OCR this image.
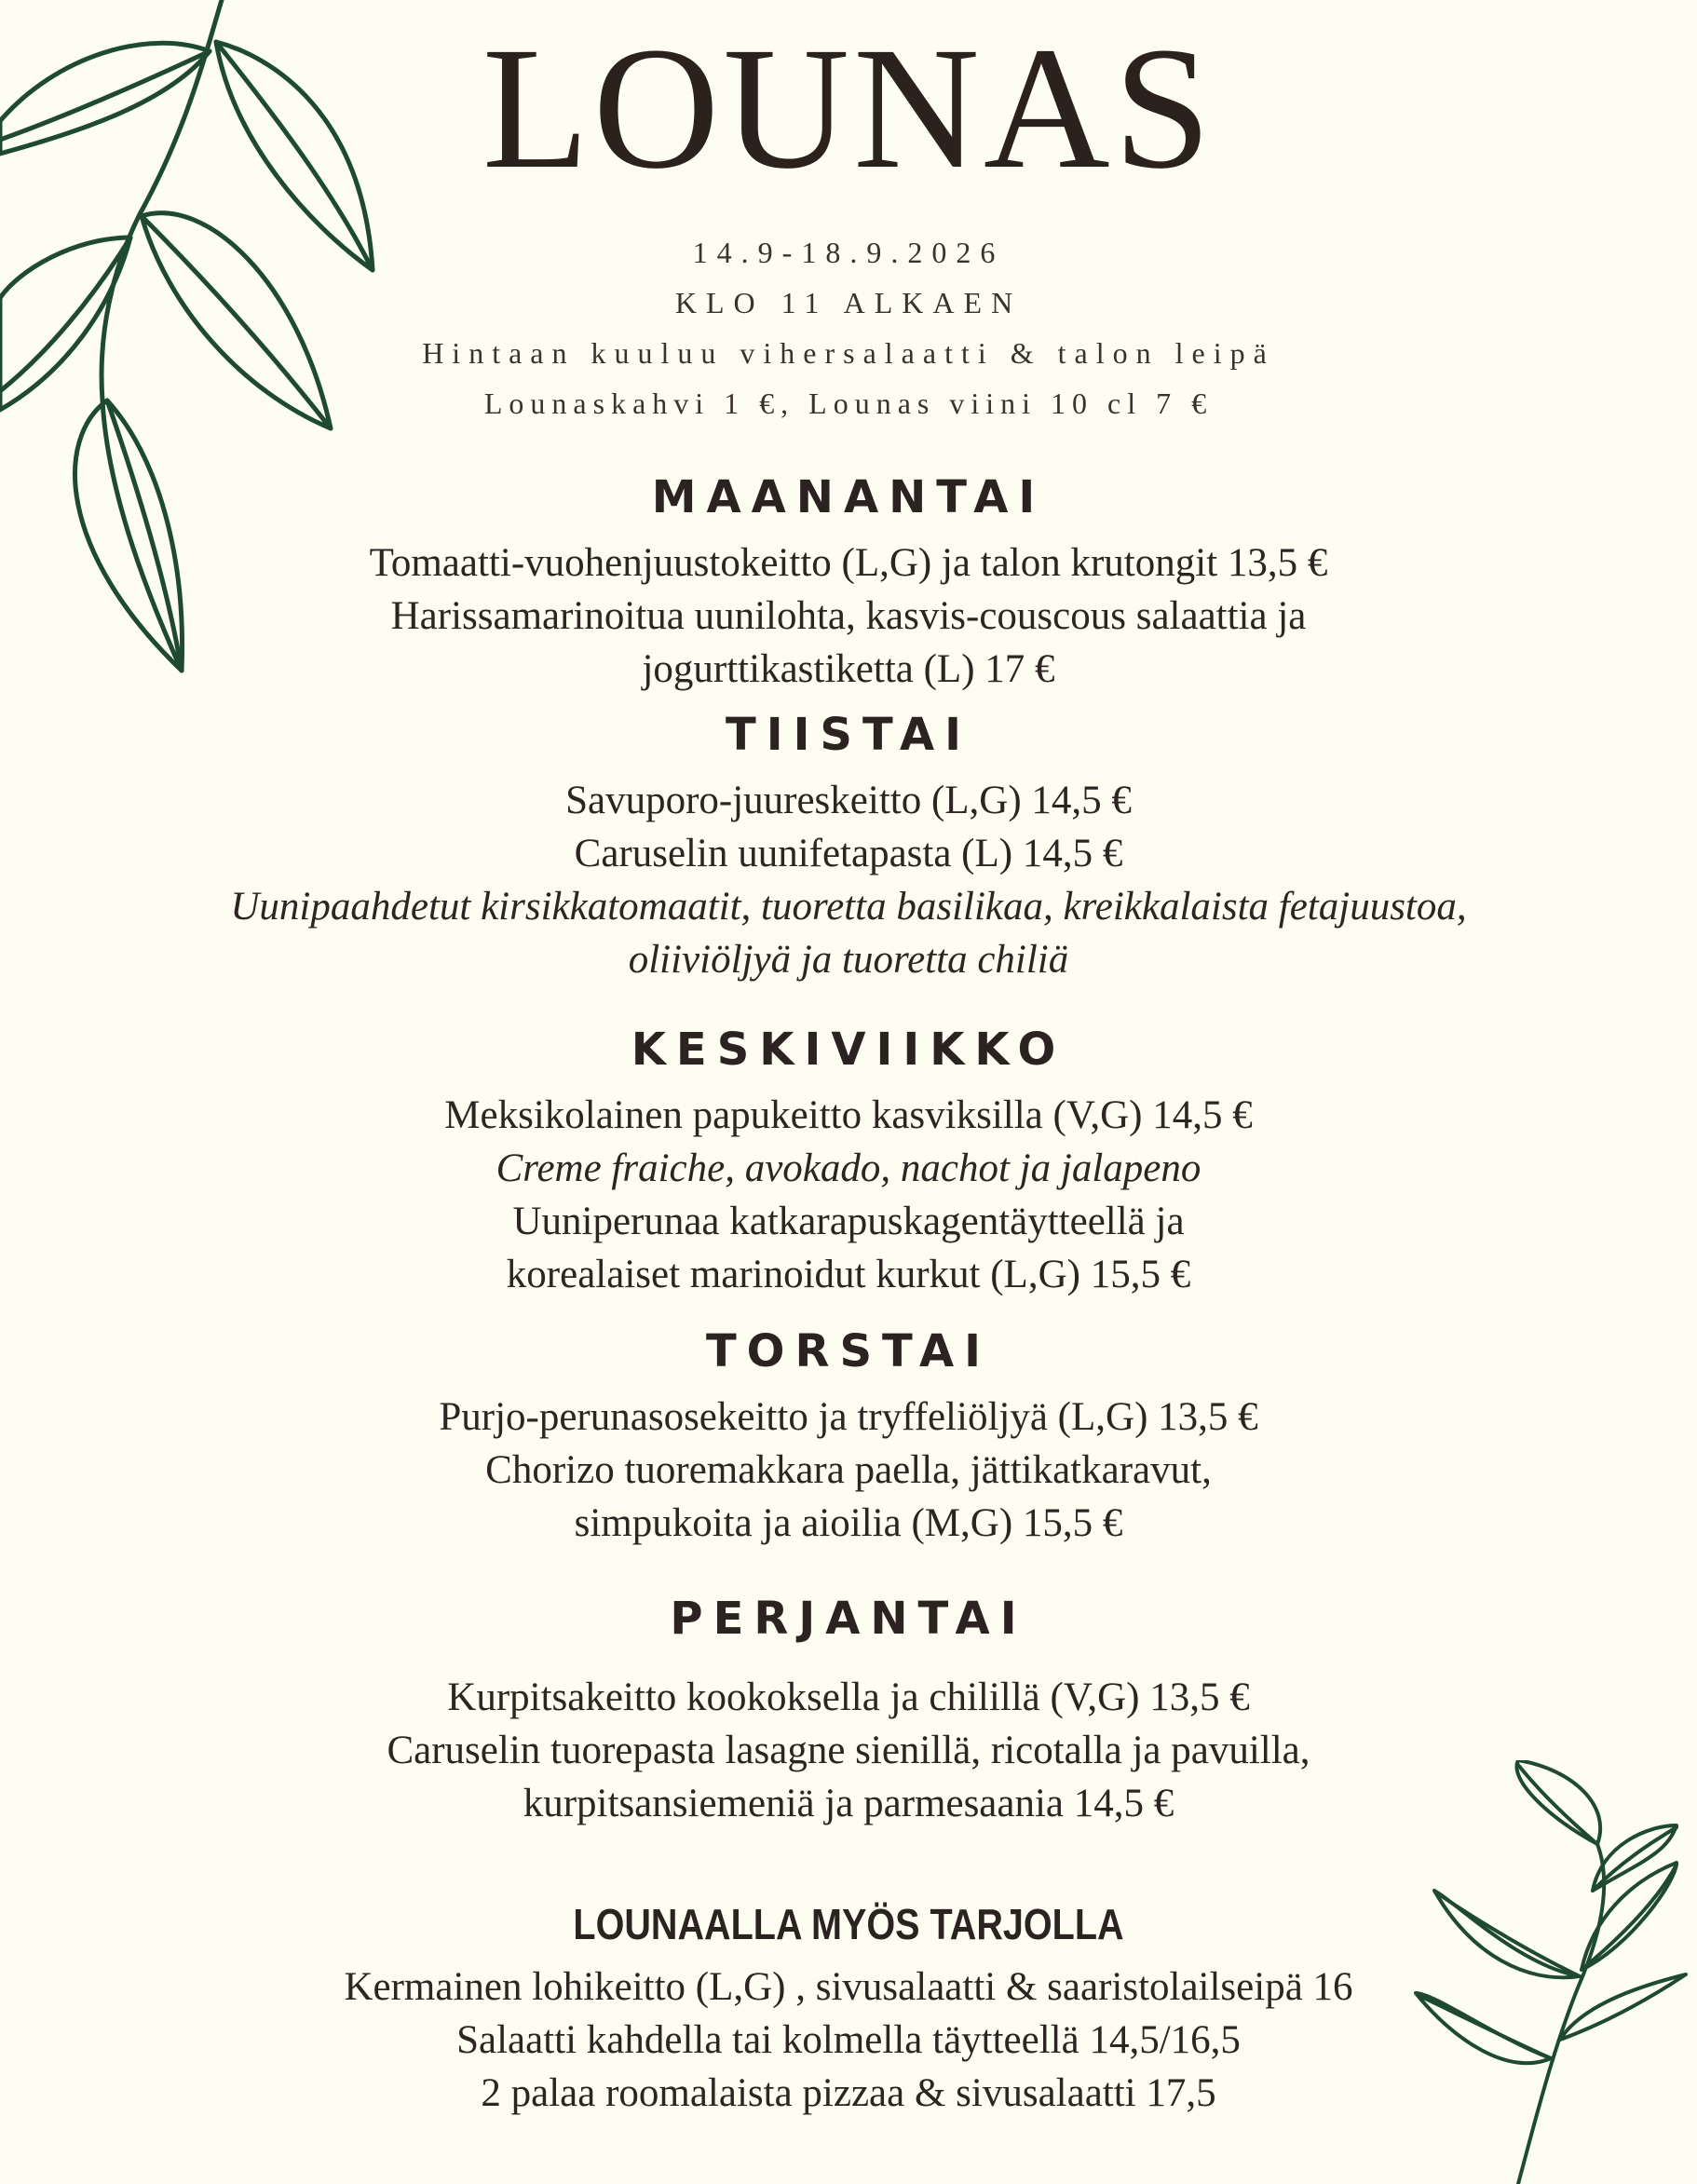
LOUNAS
14.9-18.9.2026
KLO 11 ALKAEN
Hintaan kuuluu vihersalaatti & talon leipä
Lounaskahvi 1 €, Lounas viini 10 cl 7 €
MAANANTAI
Tomaatti-vuohenjuustokeitto (L,G) ja talon krutongit 13,5 €
Harissamarinoitua uunilohta, kasvis-couscous salaattia ja
jogurttikastiketta (L) 17 €
TIISTAI
Savuporo-juureskeitto (L,G) 14,5 €
Caruselin uunifetapasta (L) 14,5 €
Uunipaahdetut kirsikkatomaatit, tuoretta basilikaa, kreikkalaista fetajuustoa,
oliiviöljyä ja tuoretta chiliä
KESKIVIIKKO
Meksikolainen papukeitto kasviksilla (V,G) 14,5 €
Creme fraiche, avokado, nachot ja jalapeno
Uuniperunaa katkarapuskagentäytteellä ja
korealaiset marinoidut kurkut (L,G) 15,5 €
TORSTAI
Purjo-perunasosekeitto ja tryffeliöljyä (L,G) 13,5 €
Chorizo tuoremakkara paella, jättikatkaravut,
simpukoita ja aioilia (M,G) 15,5 €
PERJANTAI
Kurpitsakeitto kookoksella ja chilillä (V,G) 13,5 €
Caruselin tuorepasta lasagne sienillä, ricotalla ja pavuilla,
kurpitsansiemeniä ja parmesaania 14,5 €
LOUNAALLA MYÖS TARJOLLA
Kermainen lohikeitto (L,G) , sivusalaatti & saaristolailseipä 16
Salaatti kahdella tai kolmella täytteellä 14,5/16,5
2 palaa roomalaista pizzaa & sivusalaatti 17,5
